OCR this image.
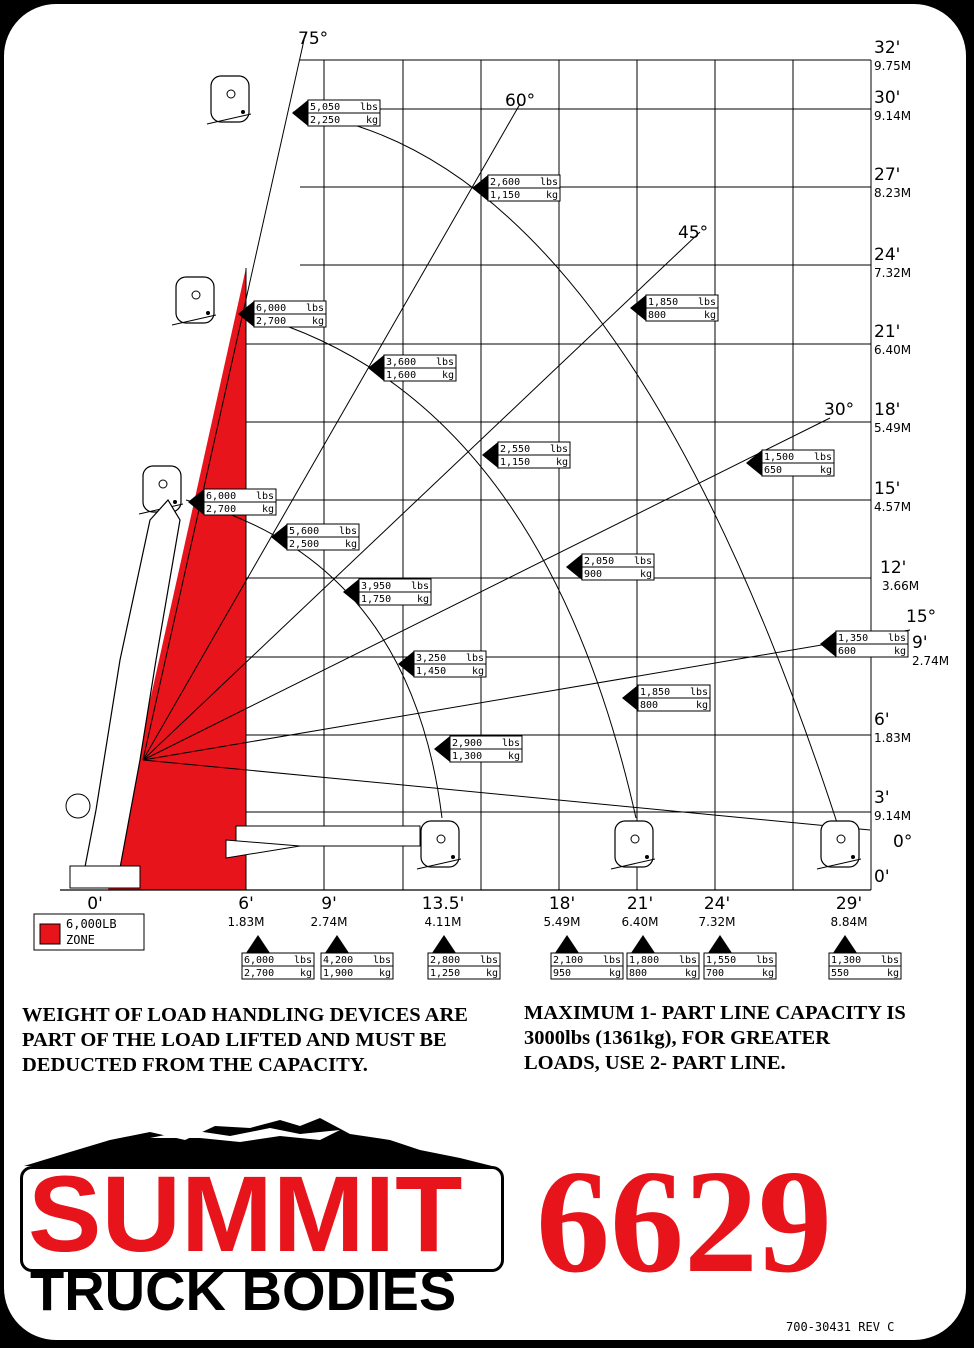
75°
60°
45°
30°
15°
0°
5,050 lbs
2,250	kg
2,600 lbs
1,150	kg
1,850 lbs
800	kg
6,000 lbs
2,700	kg
3,600 lbs
1,600	kg
2,550 lbs
1,150	kg	1,500 lbs
650	kg
6,000 lbs
2,700	kg
5,600 lbs
2,500	kg
3,950 lbs
1,750	kg
2,050 lbs
900	kg
1,350 lbs
600	kg
3,250 lbs
1,450	kg
1,850 lbs
800	kg
2,900 lbs
1,300	kg
6,000 lbs
2,700	kg
4,200 lbs
1,900	kg
2,800 lbs
1,250	kg
2,100 lbs
950	kg
1,800 lbs
800	kg
1,550 lbs
700	kg
1,300 lbs
550	kg
32'
9.75M
30'
9.14M
27'
8.23M
24'
7.32M
21'
6.40M
18'
5.49M
15'
4.57M
12'
3.66M
9'
2.74M
6'
1.83M
3'
9.14M
0'
0'	6'
1.83M
9'
2.74M
13.5'
4.11M
18'
5.49M
21'
6.40M
24'
7.32M
29'
8.84M
6,000LB
ZONE
WEIGHT OF LOAD HANDLING DEVICES ARE
PART OF THE LOAD LIFTED AND MUST BE
DEDUCTED FROM THE CAPACITY.
MAXIMUM 1- PART LINE CAPACITY IS
3000lbs (1361kg), FOR GREATER
LOADS, USE 2- PART LINE.
SUMMIT
TRUCK BODIES 6629
700-30431 REV C
